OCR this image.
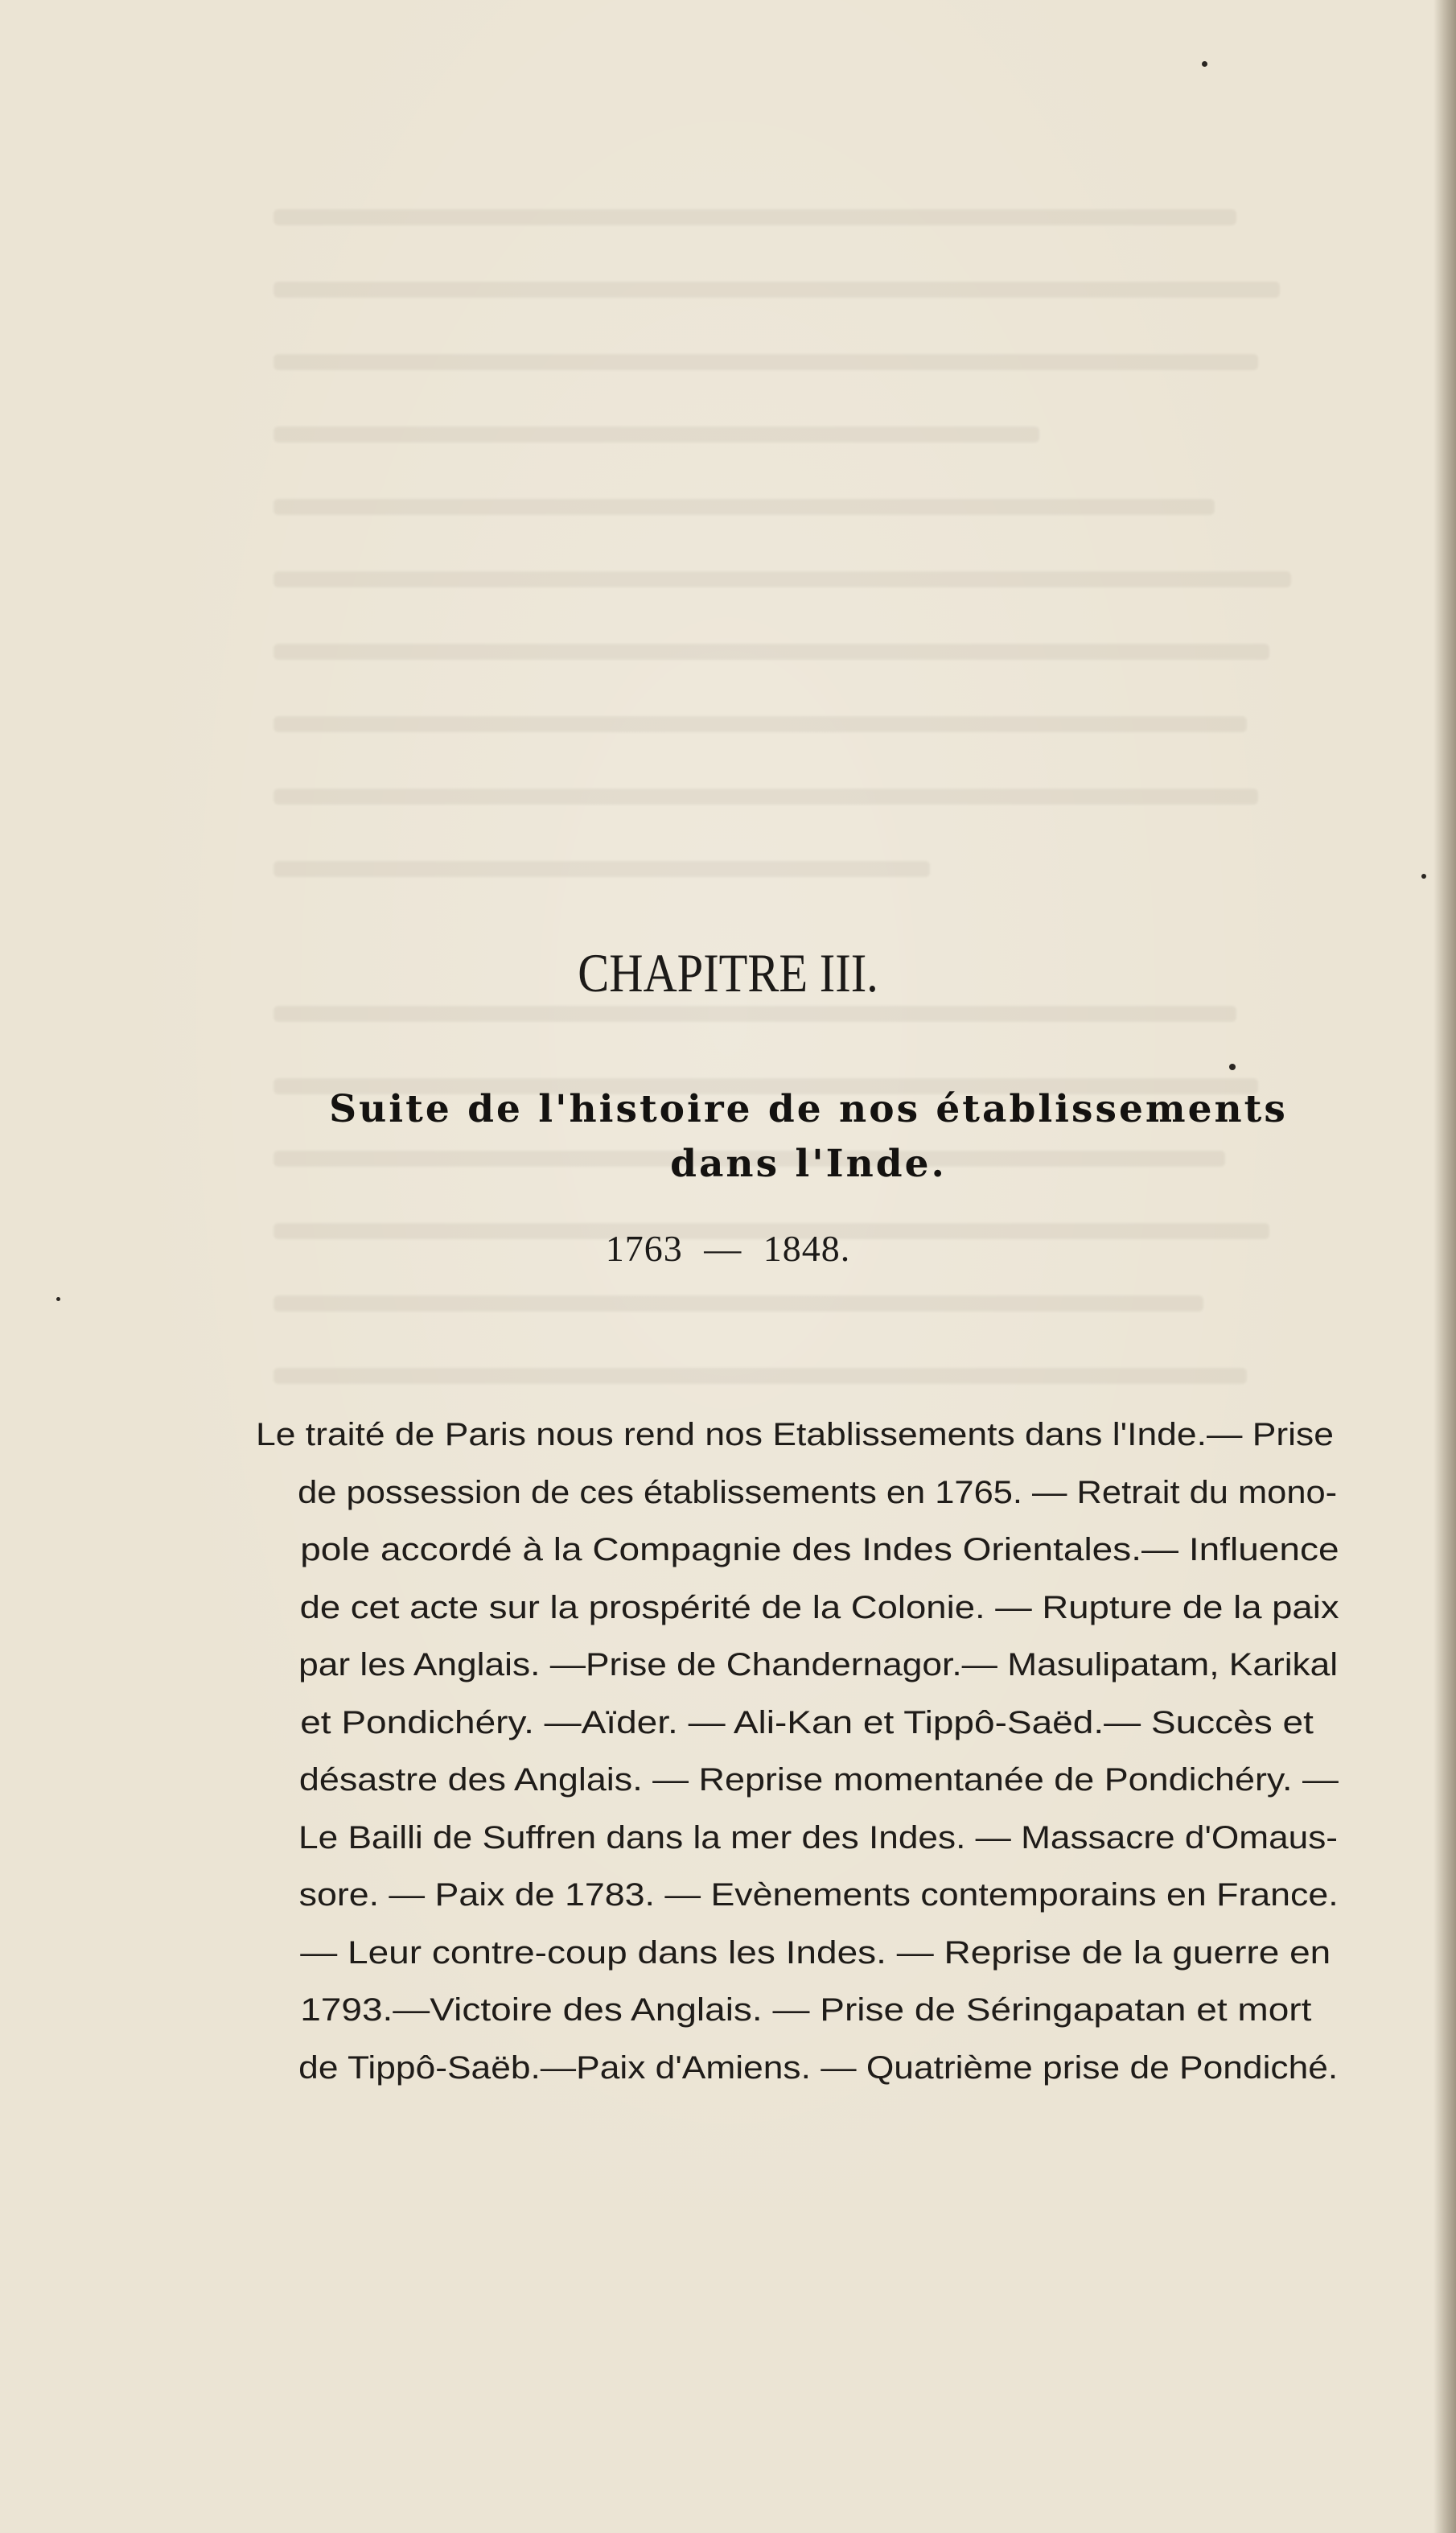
CHAPITRE III.
Suite de l'histoire de nos établissements
dans l'Inde.
1763 — 1848.
Le traité de Paris nous rend nos Etablissements dans l'Inde.— Prise
de possession de ces établissements en 1765. — Retrait du mono-
pole accordé à la Compagnie des Indes Orientales.— Influence
de cet acte sur la prospérité de la Colonie. — Rupture de la paix
par les Anglais. —Prise de Chandernagor.— Masulipatam, Karikal
et Pondichéry. —Aïder. — Ali-Kan et Tippô-Saëd.— Succès et
désastre des Anglais. — Reprise momentanée de Pondichéry. —
Le Bailli de Suffren dans la mer des Indes. — Massacre d'Omaus-
sore. — Paix de 1783. — Evènements contemporains en France.
— Leur contre-coup dans les Indes. — Reprise de la guerre en
1793.—Victoire des Anglais. — Prise de Séringapatan et mort
de Tippô-Saëb.—Paix d'Amiens. — Quatrième prise de Pondiché.
